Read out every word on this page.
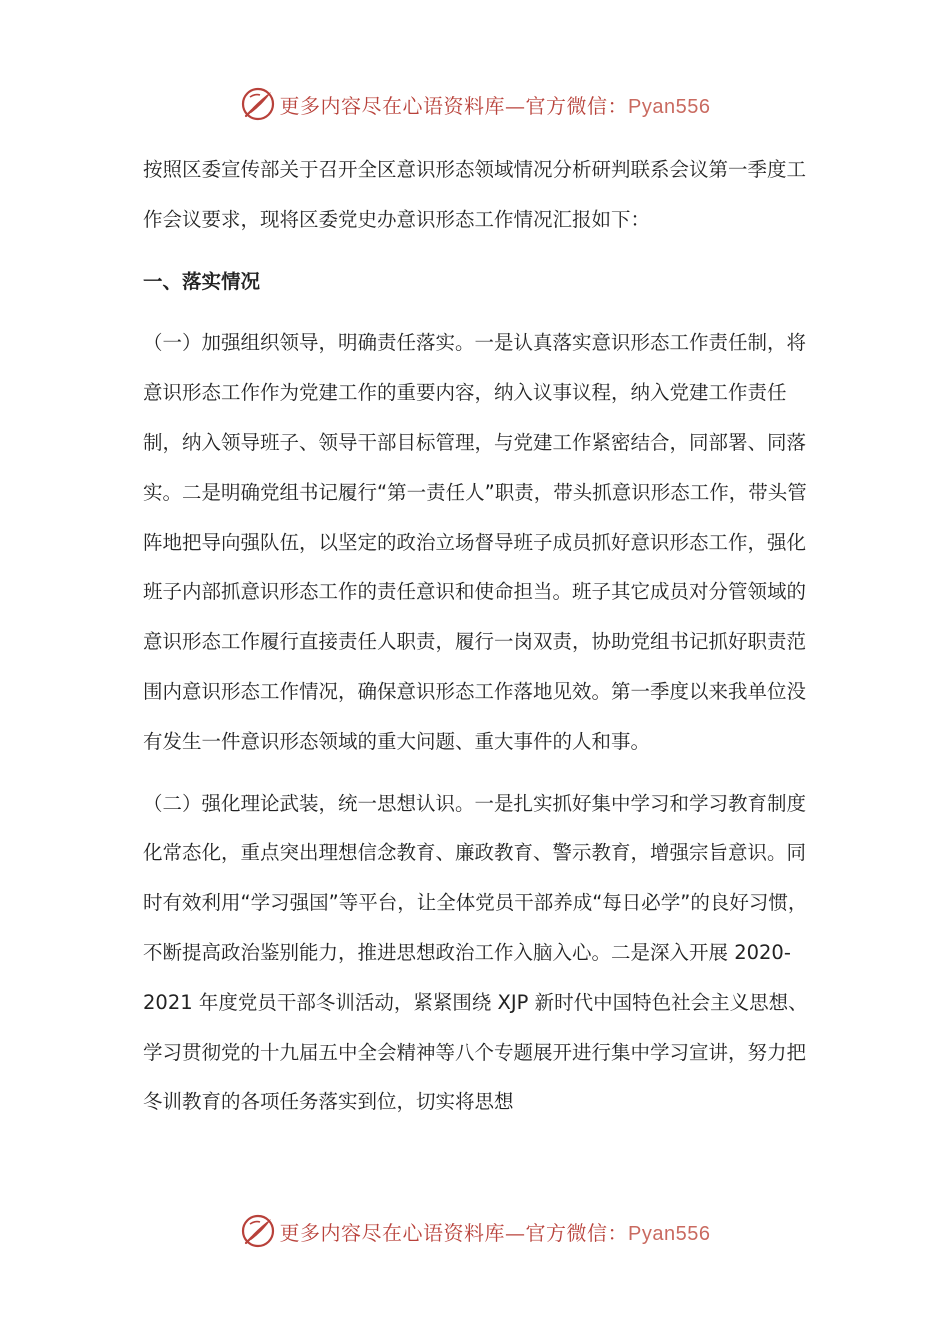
更多内容尽在心语资料库—官方微信：Pyan556

按照区委宣传部关于召开全区意识形态领域情况分析研判联系会议第一季度工作会议要求，现将区委党史办意识形态工作情况汇报如下：

一、落实情况

（一）加强组织领导，明确责任落实。一是认真落实意识形态工作责任制，将意识形态工作作为党建工作的重要内容，纳入议事议程，纳入党建工作责任制，纳入领导班子、领导干部目标管理，与党建工作紧密结合，同部署、同落实。二是明确党组书记履行“第一责任人”职责，带头抓意识形态工作，带头管阵地把导向强队伍，以坚定的政治立场督导班子成员抓好意识形态工作，强化班子内部抓意识形态工作的责任意识和使命担当。班子其它成员对分管领域的意识形态工作履行直接责任人职责，履行一岗双责，协助党组书记抓好职责范围内意识形态工作情况，确保意识形态工作落地见效。第一季度以来我单位没有发生一件意识形态领域的重大问题、重大事件的人和事。

（二）强化理论武装，统一思想认识。一是扎实抓好集中学习和学习教育制度化常态化，重点突出理想信念教育、廉政教育、警示教育，增强宗旨意识。同时有效利用“学习强国”等平台，让全体党员干部养成“每日必学”的良好习惯，不断提高政治鉴别能力，推进思想政治工作入脑入心。二是深入开展 2020-2021 年度党员干部冬训活动，紧紧围绕 XJP 新时代中国特色社会主义思想、学习贯彻党的十九届五中全会精神等八个专题展开进行集中学习宣讲，努力把冬训教育的各项任务落实到位，切实将思想

更多内容尽在心语资料库—官方微信：Pyan556
